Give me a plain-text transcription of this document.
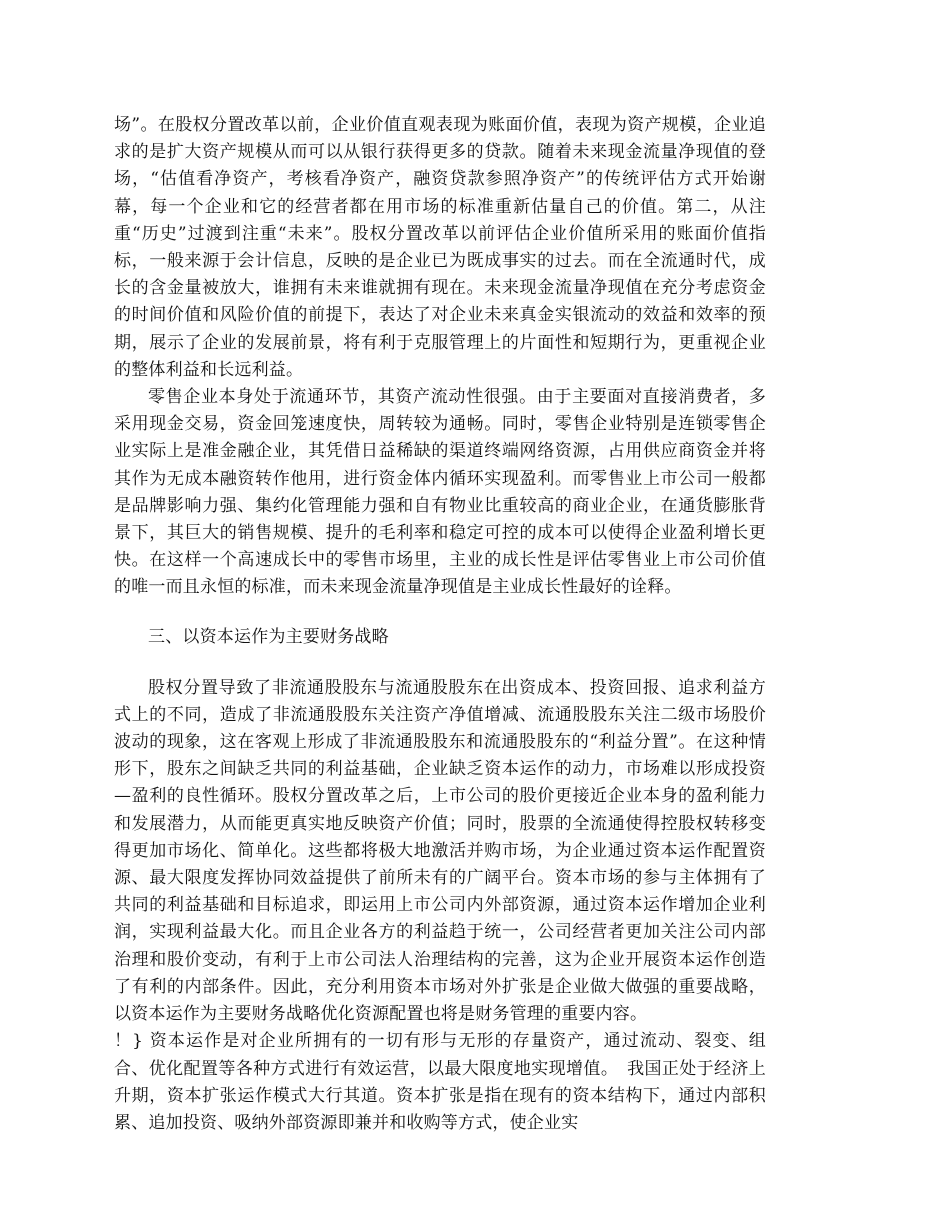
场”。在股权分置改革以前，企业价值直观表现为账面价值，表现为资产规模，企业追求的是扩大资产规模从而可以从银行获得更多的贷款。随着未来现金流量净现值的登场，“估值看净资产，考核看净资产，融资贷款参照净资产”的传统评估方式开始谢幕，每一个企业和它的经营者都在用市场的标准重新估量自己的价值。第二，从注重“历史”过渡到注重“未来”。股权分置改革以前评估企业价值所采用的账面价值指标，一般来源于会计信息，反映的是企业已为既成事实的过去。而在全流通时代，成长的含金量被放大，谁拥有未来谁就拥有现在。未来现金流量净现值在充分考虑资金的时间价值和风险价值的前提下，表达了对企业未来真金实银流动的效益和效率的预期，展示了企业的发展前景，将有利于克服管理上的片面性和短期行为，更重视企业的整体利益和长远利益。

零售企业本身处于流通环节，其资产流动性很强。由于主要面对直接消费者，多采用现金交易，资金回笼速度快，周转较为通畅。同时，零售企业特别是连锁零售企业实际上是准金融企业，其凭借日益稀缺的渠道终端网络资源，占用供应商资金并将其作为无成本融资转作他用，进行资金体内循环实现盈利。而零售业上市公司一般都是品牌影响力强、集约化管理能力强和自有物业比重较高的商业企业，在通货膨胀背景下，其巨大的销售规模、提升的毛利率和稳定可控的成本可以使得企业盈利增长更快。在这样一个高速成长中的零售市场里，主业的成长性是评估零售业上市公司价值的唯一而且永恒的标准，而未来现金流量净现值是主业成长性最好的诠释。

三、以资本运作为主要财务战略

股权分置导致了非流通股股东与流通股股东在出资成本、投资回报、追求利益方式上的不同，造成了非流通股股东关注资产净值增减、流通股股东关注二级市场股价波动的现象，这在客观上形成了非流通股股东和流通股股东的“利益分置”。在这种情形下，股东之间缺乏共同的利益基础，企业缺乏资本运作的动力，市场难以形成投资—盈利的良性循环。股权分置改革之后，上市公司的股价更接近企业本身的盈利能力和发展潜力，从而能更真实地反映资产价值；同时，股票的全流通使得控股权转移变得更加市场化、简单化。这些都将极大地激活并购市场，为企业通过资本运作配置资源、最大限度发挥协同效益提供了前所未有的广阔平台。资本市场的参与主体拥有了共同的利益基础和目标追求，即运用上市公司内外部资源，通过资本运作增加企业利润，实现利益最大化。而且企业各方的利益趋于统一，公司经营者更加关注公司内部治理和股价变动，有利于上市公司法人治理结构的完善，这为企业开展资本运作创造了有利的内部条件。因此，充分利用资本市场对外扩张是企业做大做强的重要战略，以资本运作为主要财务战略优化资源配置也将是财务管理的重要内容。

！} 资本运作是对企业所拥有的一切有形与无形的存量资产，通过流动、裂变、组合、优化配置等各种方式进行有效运营，以最大限度地实现增值。　我国正处于经济上升期，资本扩张运作模式大行其道。资本扩张是指在现有的资本结构下，通过内部积累、追加投资、吸纳外部资源即兼并和收购等方式，使企业实
